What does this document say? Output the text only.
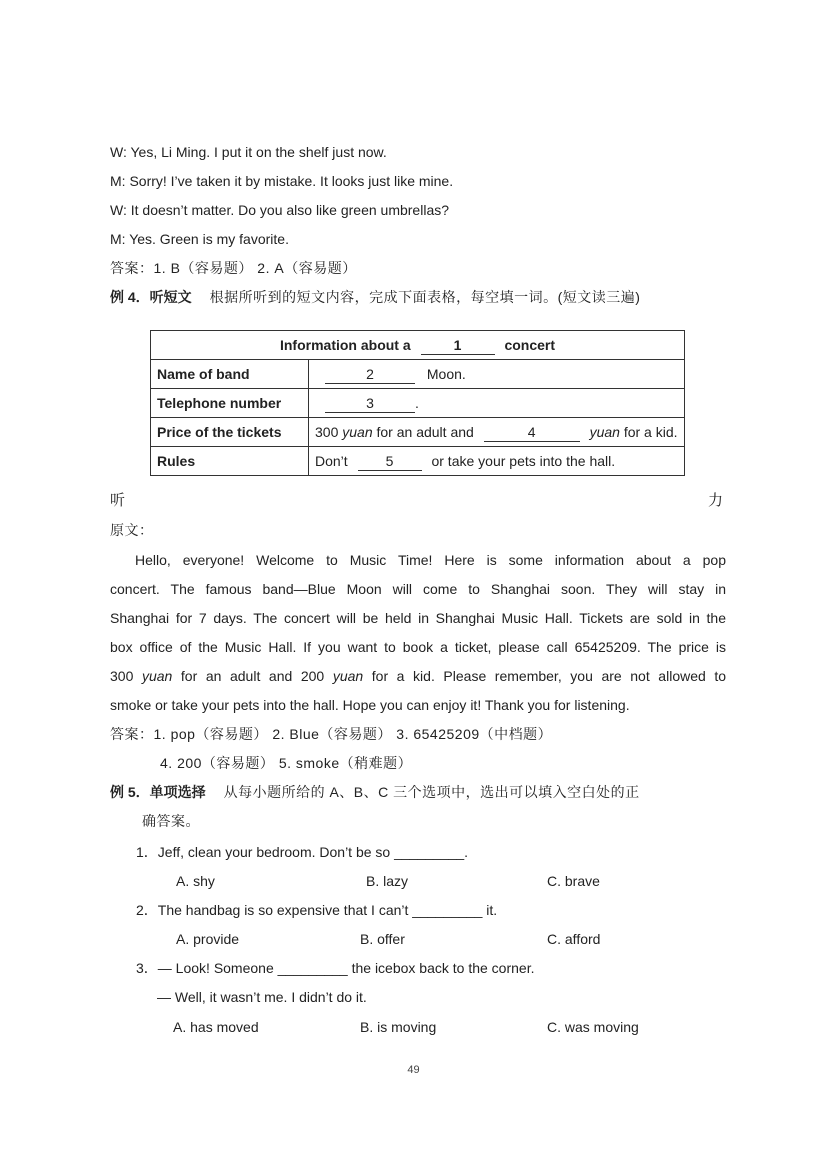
W: Yes, Li Ming. I put it on the shelf just now.
M: Sorry! I’ve taken it by mistake. It looks just like mine.
W: It doesn’t matter. Do you also like green umbrellas?
M: Yes. Green is my favorite.
答案：1. B（容易题） 2. A（容易题）
例 4．听短文 根据所听到的短文内容，完成下面表格，每空填一词。(短文读三遍)
Information about a 1 concert	
Name of band	2 Moon.
Telephone number	3 .
Price of the tickets	300 yuan for an adult and 4 yuan for a kid.
Rules	Don’t 5 or take your pets into the hall.
听	力
原文：
Hello, everyone! Welcome to Music Time! Here is some information about a pop
concert. The famous band—Blue Moon will come to Shanghai soon. They will stay in
Shanghai for 7 days. The concert will be held in Shanghai Music Hall. Tickets are sold in the
box office of the Music Hall. If you want to book a ticket, please call 65425209. The price is
300 yuan for an adult and 200 yuan for a kid. Please remember, you are not allowed to
smoke or take your pets into the hall. Hope you can enjoy it! Thank you for listening.
答案：1. pop（容易题） 2. Blue（容易题） 3. 65425209（中档题）
4. 200（容易题） 5. smoke（稍难题）
例 5．单项选择 从每小题所给的 A、B、C 三个选项中，选出可以填入空白处的正
确答案。
1．Jeff, clean your bedroom. Don’t be so _________.
A. shy	B. lazy	C. brave
2．The handbag is so expensive that I can’t _________ it.
A. provide	B. offer	C. afford
3．— Look! Someone _________ the icebox back to the corner.
— Well, it wasn’t me. I didn’t do it.
A. has moved	B. is moving	C. was moving
49
